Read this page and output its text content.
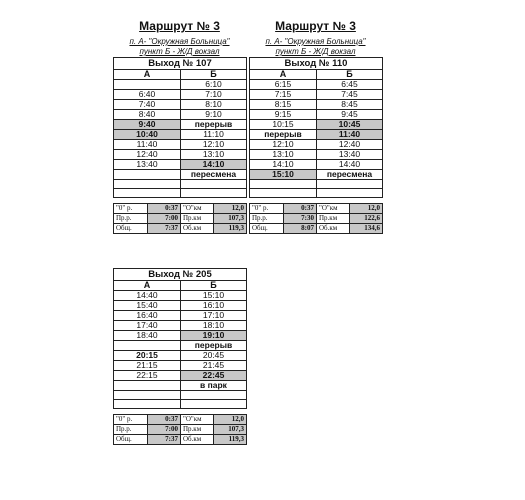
Маршрут № 3
п. А- "Окружная Больница"
пункт Б - Ж/Д вокзал
Выход № 107			
А		Б	
		6:10	
6:40		7:10	
7:40		8:10	
8:40		9:10	
9:40		перерыв	
10:40		11:10	
11:40		12:10	
12:40		13:10	
13:40		14:10	
		пересмена	

"0" р.	0:37	"О"км	12,0
Пр.р.	7:00	Пр.км	107,3
Общ.	7:37	Об.км	119,3
Маршрут № 3
п. А- "Окружная Больница"
пункт Б - Ж/Д вокзал
Выход № 110			
А		Б	
6:15		6:45	
7:15		7:45	
8:15		8:45	
9:15		9:45	
10:15		10:45	
перерыв		11:40	
12:10		12:40	
13:10		13:40	
14:10		14:40	
15:10		пересмена	

"0" р.	0:37	"О"км	12,0
Пр.р.	7:30	Пр.км	122,6
Общ.	8:07	Об.км	134,6
Выход № 205			
А		Б	
14:40		15:10	
15:40		16:10	
16:40		17:10	
17:40		18:10	
18:40		19:10	
		перерыв	
20:15		20:45	
21:15		21:45	
22:15		22:45	
		в парк	

"0" р.	0:37	"О"км	12,0
Пр.р.	7:00	Пр.км	107,3
Общ.	7:37	Об.км	119,3
